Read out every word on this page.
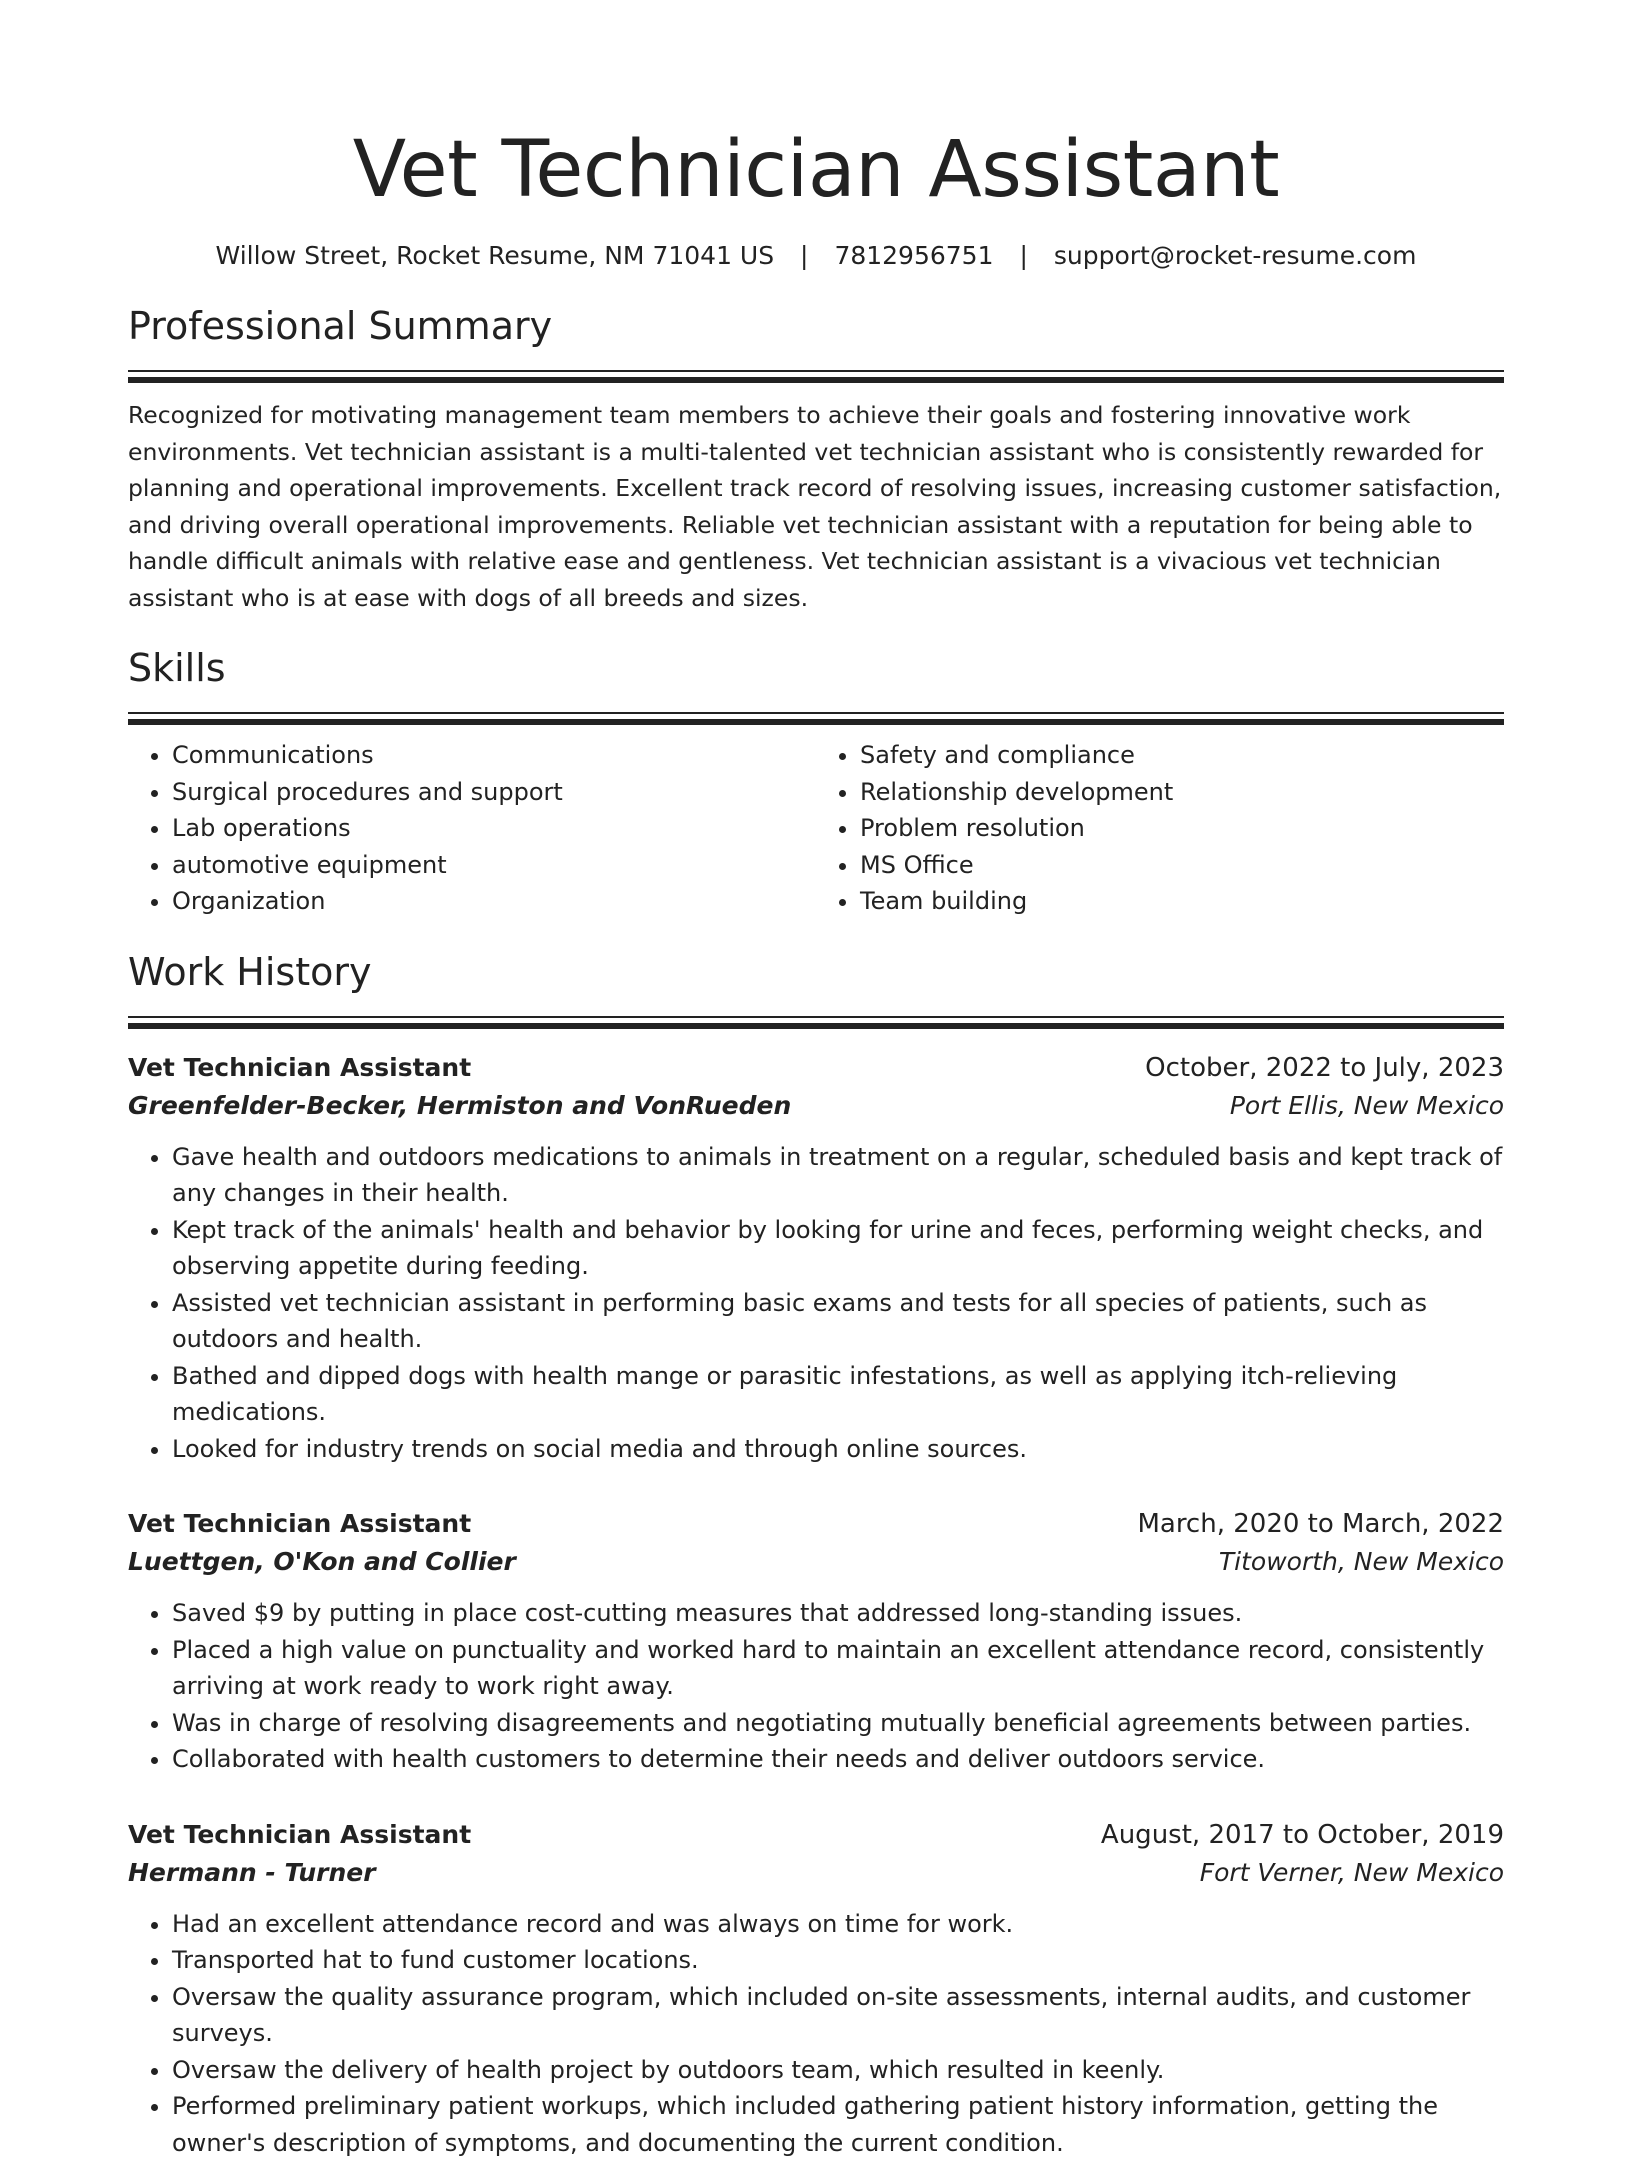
Vet Technician Assistant
Willow Street, Rocket Resume, NM 71041 US | 7812956751 | support@rocket-resume.com
Professional Summary

Recognized for motivating management team members to achieve their goals and fostering innovative work environments. Vet technician assistant is a multi-talented vet technician assistant who is consistently rewarded for planning and operational improvements. Excellent track record of resolving issues, increasing customer satisfaction, and driving overall operational improvements. Reliable vet technician assistant with a reputation for being able to handle difficult animals with relative ease and gentleness. Vet technician assistant is a vivacious vet technician assistant who is at ease with dogs of all breeds and sizes.

Skills
• Communications
• Surgical procedures and support
• Lab operations
• automotive equipment
• Organization
• Safety and compliance
• Relationship development
• Problem resolution
• MS Office
• Team building
Work History
Vet Technician Assistant	October, 2022 to July, 2023
Greenfelder-Becker, Hermiston and VonRueden	Port Ellis, New Mexico
• Gave health and outdoors medications to animals in treatment on a regular, scheduled basis and kept track of any changes in their health.
• Kept track of the animals' health and behavior by looking for urine and feces, performing weight checks, and observing appetite during feeding.
• Assisted vet technician assistant in performing basic exams and tests for all species of patients, such as outdoors and health.
• Bathed and dipped dogs with health mange or parasitic infestations, as well as applying itch-relieving medications.
• Looked for industry trends on social media and through online sources.
Vet Technician Assistant	March, 2020 to March, 2022
Luettgen, O'Kon and Collier	Titoworth, New Mexico
• Saved $9 by putting in place cost-cutting measures that addressed long-standing issues.
• Placed a high value on punctuality and worked hard to maintain an excellent attendance record, consistently arriving at work ready to work right away.
• Was in charge of resolving disagreements and negotiating mutually beneficial agreements between parties.
• Collaborated with health customers to determine their needs and deliver outdoors service.
Vet Technician Assistant	August, 2017 to October, 2019
Hermann - Turner	Fort Verner, New Mexico
• Had an excellent attendance record and was always on time for work.
• Transported hat to fund customer locations.
• Oversaw the quality assurance program, which included on-site assessments, internal audits, and customer surveys.
• Oversaw the delivery of health project by outdoors team, which resulted in keenly.
• Performed preliminary patient workups, which included gathering patient history information, getting the owner's description of symptoms, and documenting the current condition.
